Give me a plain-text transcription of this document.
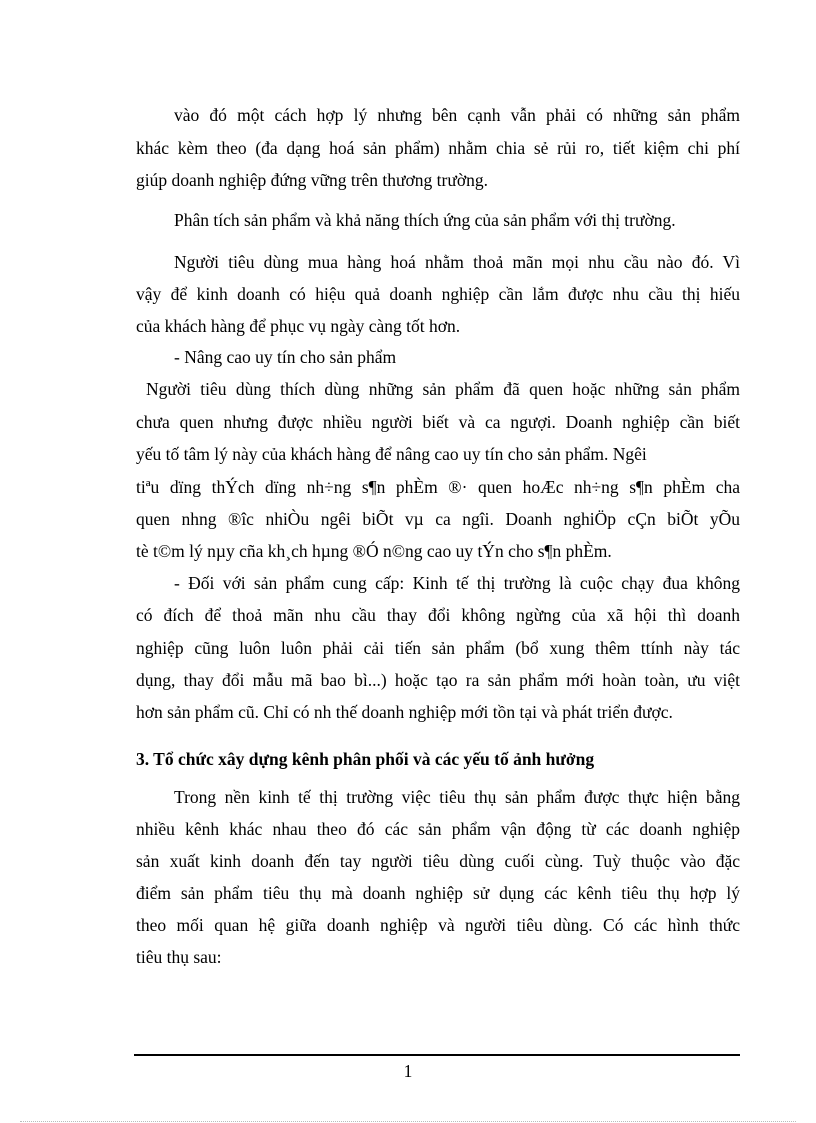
vào đó một cách hợp lý nhưng bên cạnh vẫn phải có những sản phẩm
khác kèm theo (đa dạng hoá sản phẩm) nhằm chia sẻ rủi ro, tiết kiệm chi phí
giúp doanh nghiệp đứng vững trên thương trường.
Phân tích sản phẩm và khả năng thích ứng của sản phẩm với thị trường.
Người tiêu dùng mua hàng hoá nhằm thoả mãn mọi nhu cầu nào đó. Vì
vậy để kinh doanh có hiệu quả doanh nghiệp cần lắm được nhu cầu thị hiếu
của khách hàng để phục vụ ngày càng tốt hơn.
- Nâng cao uy tín cho sản phẩm
Người tiêu dùng thích dùng những sản phẩm đã quen hoặc những sản phẩm
chưa quen nhưng được nhiều người biết và ca ngượi. Doanh nghiệp cần biết
yếu tố tâm lý này của khách hàng để nâng cao uy tín cho sản phẩm. Ngêi
tiªu dïng thÝch dïng nh÷ng s¶n phÈm ®· quen hoÆc nh÷ng s¶n phÈm cha
quen nhng ®îc nhiÒu ngêi biÕt vµ ca ngîi. Doanh nghiÖp cÇn biÕt yÕu
tè t©m lý nµy cña kh¸ch hµng ®Ó n©ng cao uy tÝn cho s¶n phÈm.
- Đối với sản phẩm cung cấp: Kinh tế thị trường là cuộc chạy đua không
có đích để thoả mãn nhu cầu thay đổi không ngừng của xã hội thì doanh
nghiệp cũng luôn luôn phải cải tiến sản phẩm (bổ xung thêm ttính này tác
dụng, thay đổi mẫu mã bao bì...) hoặc tạo ra sản phẩm mới hoàn toàn, ưu việt
hơn sản phẩm cũ. Chỉ có nh thế doanh nghiệp mới tồn tại và phát triển được.
3. Tổ chức xây dựng kênh phân phối và các yếu tố ảnh hưởng
Trong nền kinh tế thị trường việc tiêu thụ sản phẩm được thực hiện bằng
nhiều kênh khác nhau theo đó các sản phẩm vận động từ các doanh nghiệp
sản xuất kinh doanh đến tay người tiêu dùng cuối cùng. Tuỳ thuộc vào đặc
điểm sản phẩm tiêu thụ mà doanh nghiệp sử dụng các kênh tiêu thụ hợp lý
theo mối quan hệ giữa doanh nghiệp và người tiêu dùng. Có các hình thức
tiêu thụ sau:
1
